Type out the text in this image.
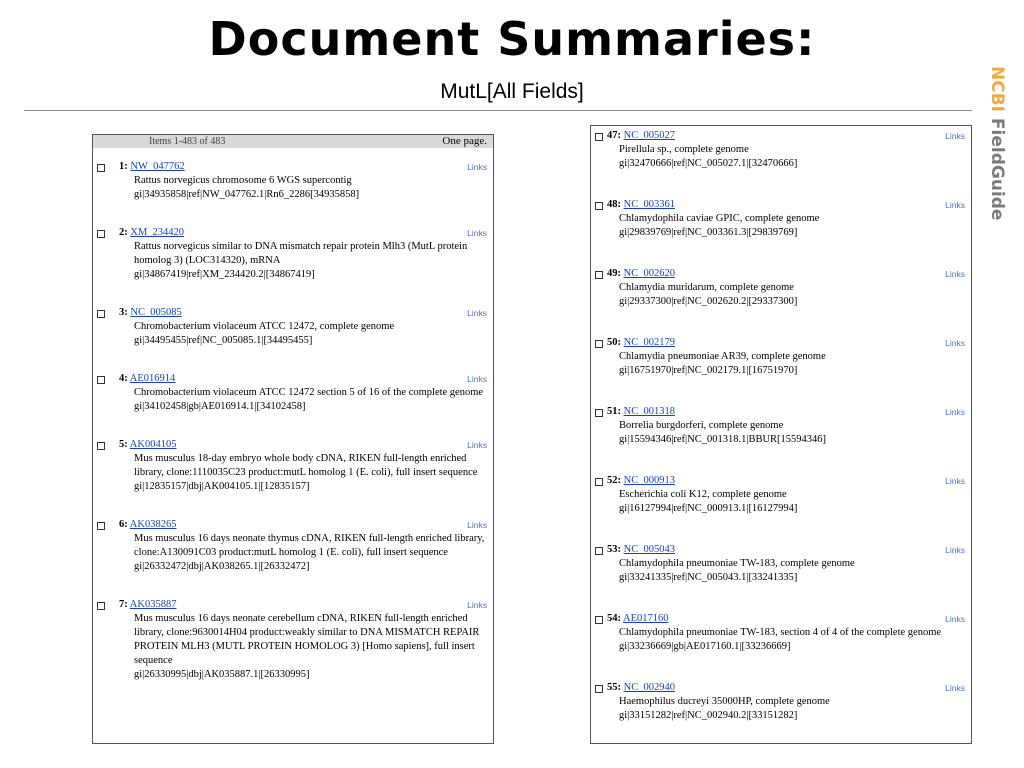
Document Summaries:
MutL[All Fields]	NCBI FieldGuide
Items 1-483 of 483	One page.
Links
1: NW_047762
Rattus norvegicus chromosome 6 WGS supercontig
gi|34935858|ref|NW_047762.1|Rn6_2286[34935858]
Links
2: XM_234420
Rattus norvegicus similar to DNA mismatch repair protein Mlh3 (MutL protein homolog 3) (LOC314320), mRNA
gi|34867419|ref|XM_234420.2|[34867419]
Links
3: NC_005085
Chromobacterium violaceum ATCC 12472, complete genome
gi|34495455|ref|NC_005085.1|[34495455]
Links
4: AE016914
Chromobacterium violaceum ATCC 12472 section 5 of 16 of the complete genome
gi|34102458|gb|AE016914.1|[34102458]
Links
5: AK004105
Mus musculus 18-day embryo whole body cDNA, RIKEN full-length enriched library, clone:1110035C23 product:mutL homolog 1 (E. coli), full insert sequence
gi|12835157|dbj|AK004105.1|[12835157]
Links
6: AK038265
Mus musculus 16 days neonate thymus cDNA, RIKEN full-length enriched library, clone:A130091C03 product:mutL homolog 1 (E. coli), full insert sequence
gi|26332472|dbj|AK038265.1|[26332472]
Links
7: AK035887
Mus musculus 16 days neonate cerebellum cDNA, RIKEN full-length enriched library, clone:9630014H04 product:weakly similar to DNA MISMATCH REPAIR PROTEIN MLH3 (MUTL PROTEIN HOMOLOG 3) [Homo sapiens], full insert sequence
gi|26330995|dbj|AK035887.1|[26330995]
Links
47: NC_005027
Pirellula sp., complete genome
gi|32470666|ref|NC_005027.1|[32470666]
Links
48: NC_003361
Chlamydophila caviae GPIC, complete genome
gi|29839769|ref|NC_003361.3|[29839769]
Links
49: NC_002620
Chlamydia muridarum, complete genome
gi|29337300|ref|NC_002620.2|[29337300]
Links
50: NC_002179
Chlamydia pneumoniae AR39, complete genome
gi|16751970|ref|NC_002179.1|[16751970]
Links
51: NC_001318
Borrelia burgdorferi, complete genome
gi|15594346|ref|NC_001318.1|BBUR[15594346]
Links
52: NC_000913
Escherichia coli K12, complete genome
gi|16127994|ref|NC_000913.1|[16127994]
Links
53: NC_005043
Chlamydophila pneumoniae TW-183, complete genome
gi|33241335|ref|NC_005043.1|[33241335]
Links
54: AE017160
Chlamydophila pneumoniae TW-183, section 4 of 4 of the complete genome
gi|33236669|gb|AE017160.1|[33236669]
Links
55: NC_002940
Haemophilus ducreyi 35000HP, complete genome
gi|33151282|ref|NC_002940.2|[33151282]
